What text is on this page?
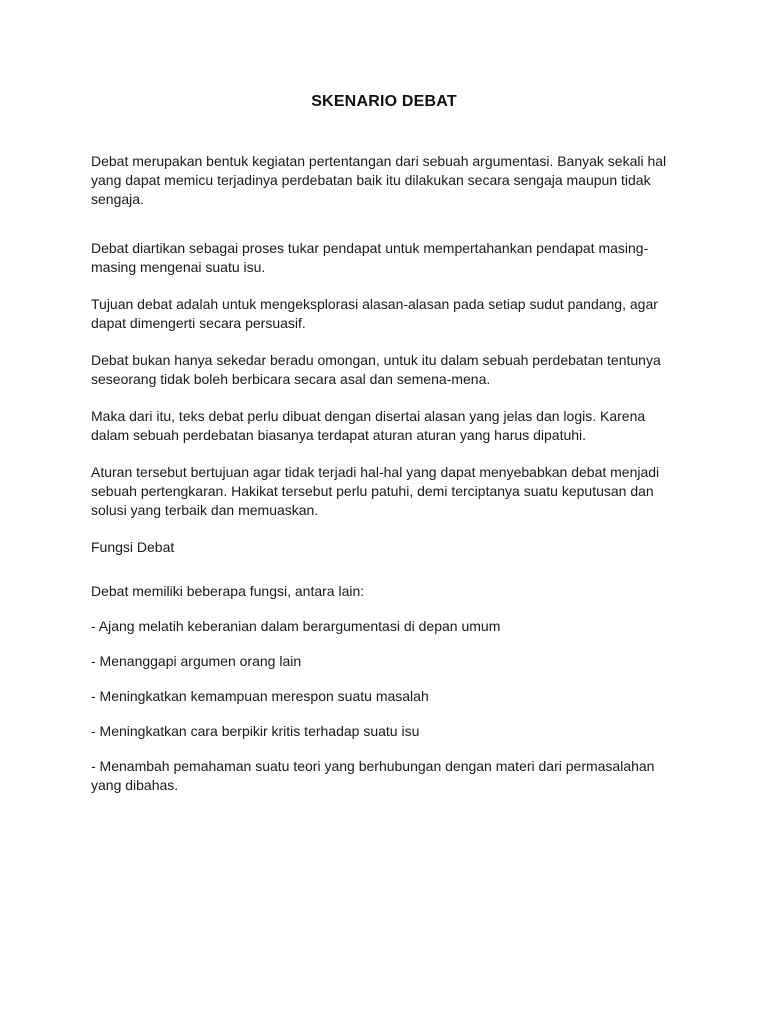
SKENARIO DEBAT

Debat merupakan bentuk kegiatan pertentangan dari sebuah argumentasi. Banyak sekali hal yang dapat memicu terjadinya perdebatan baik itu dilakukan secara sengaja maupun tidak sengaja.

Debat diartikan sebagai proses tukar pendapat untuk mempertahankan pendapat masing-masing mengenai suatu isu.

Tujuan debat adalah untuk mengeksplorasi alasan-alasan pada setiap sudut pandang, agar dapat dimengerti secara persuasif.

Debat bukan hanya sekedar beradu omongan, untuk itu dalam sebuah perdebatan tentunya seseorang tidak boleh berbicara secara asal dan semena-mena.

Maka dari itu, teks debat perlu dibuat dengan disertai alasan yang jelas dan logis. Karena dalam sebuah perdebatan biasanya terdapat aturan aturan yang harus dipatuhi.

Aturan tersebut bertujuan agar tidak terjadi hal-hal yang dapat menyebabkan debat menjadi sebuah pertengkaran. Hakikat tersebut perlu patuhi, demi terciptanya suatu keputusan dan solusi yang terbaik dan memuaskan.

Fungsi Debat

Debat memiliki beberapa fungsi, antara lain:

- Ajang melatih keberanian dalam berargumentasi di depan umum

- Menanggapi argumen orang lain

- Meningkatkan kemampuan merespon suatu masalah

- Meningkatkan cara berpikir kritis terhadap suatu isu

- Menambah pemahaman suatu teori yang berhubungan dengan materi dari permasalahan yang dibahas.
